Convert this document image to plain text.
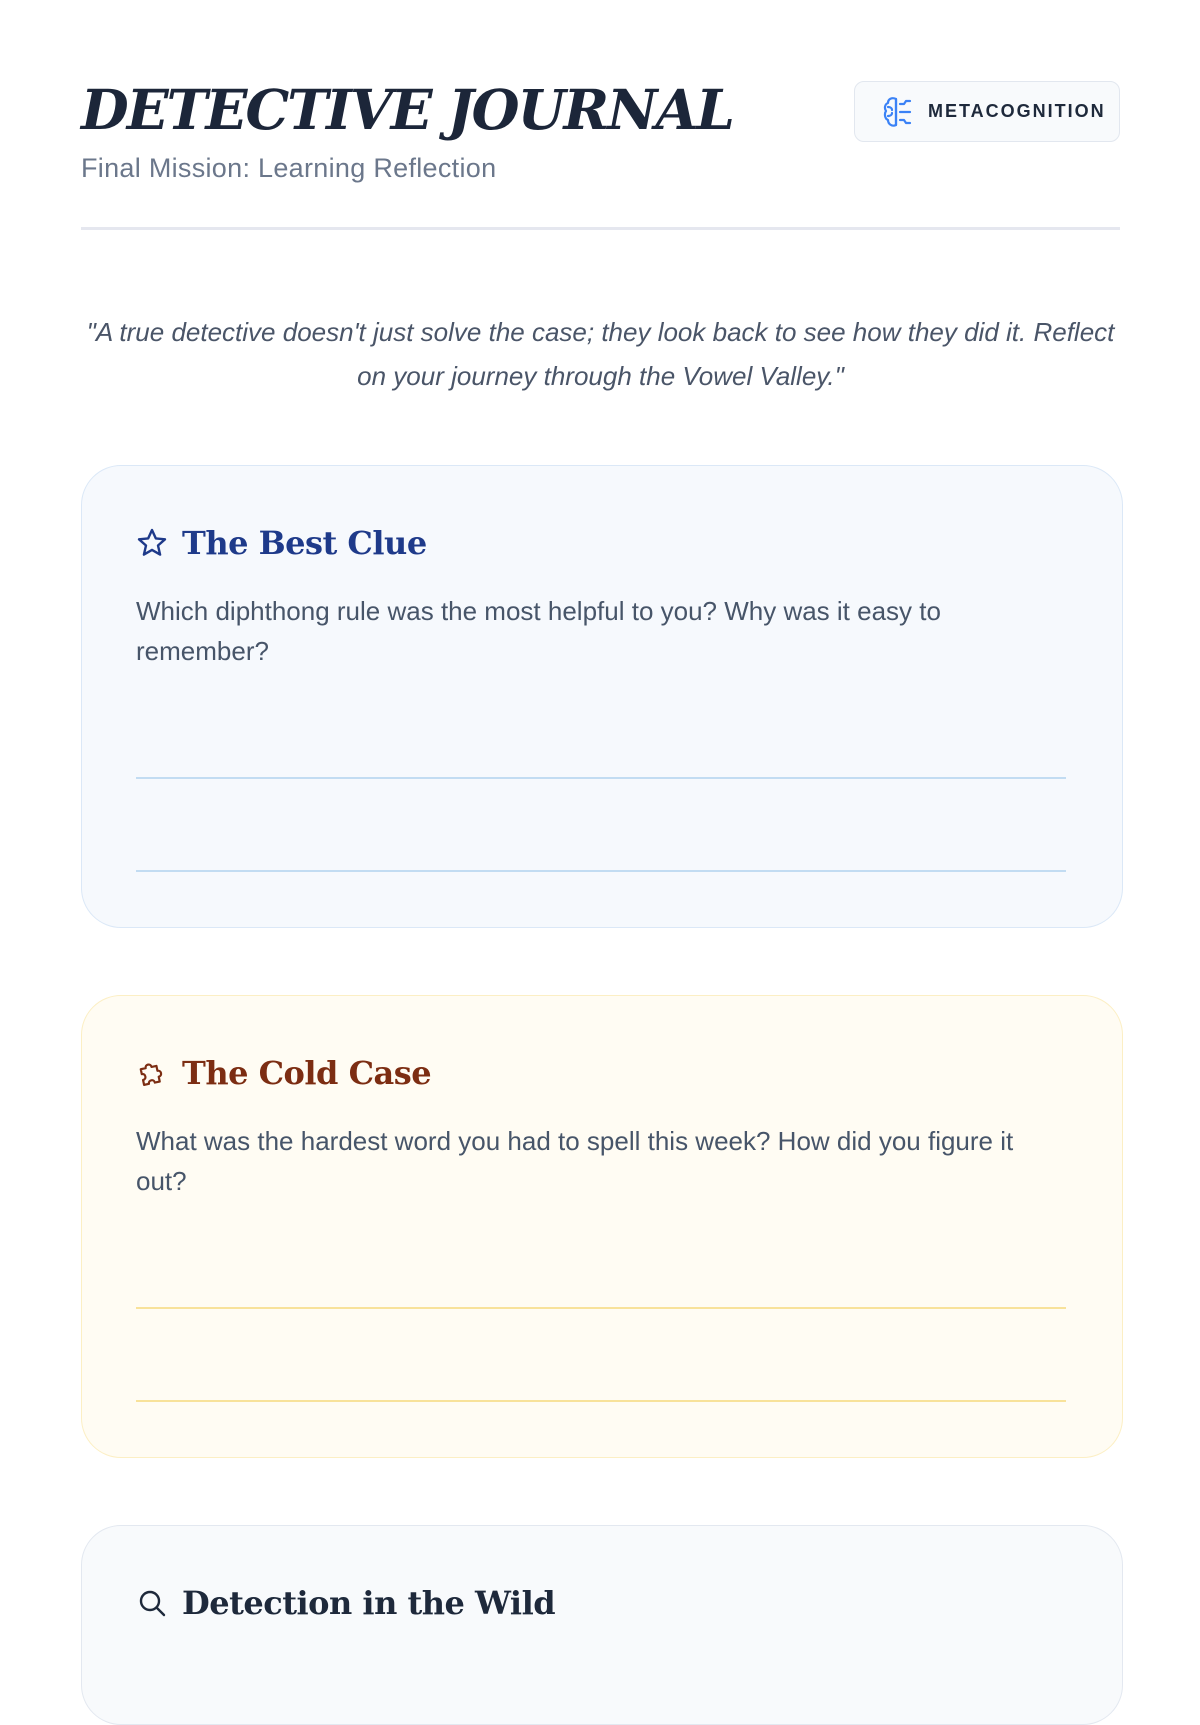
DETECTIVE JOURNAL
Final Mission: Learning Reflection
METACOGNITION
"A true detective doesn't just solve the case; they look back to see how they did it. Reflect on your journey through the Vowel Valley."
The Best Clue
Which diphthong rule was the most helpful to you? Why was it easy to remember?
The Cold Case
What was the hardest word you had to spell this week? How did you figure it out?
Detection in the Wild
